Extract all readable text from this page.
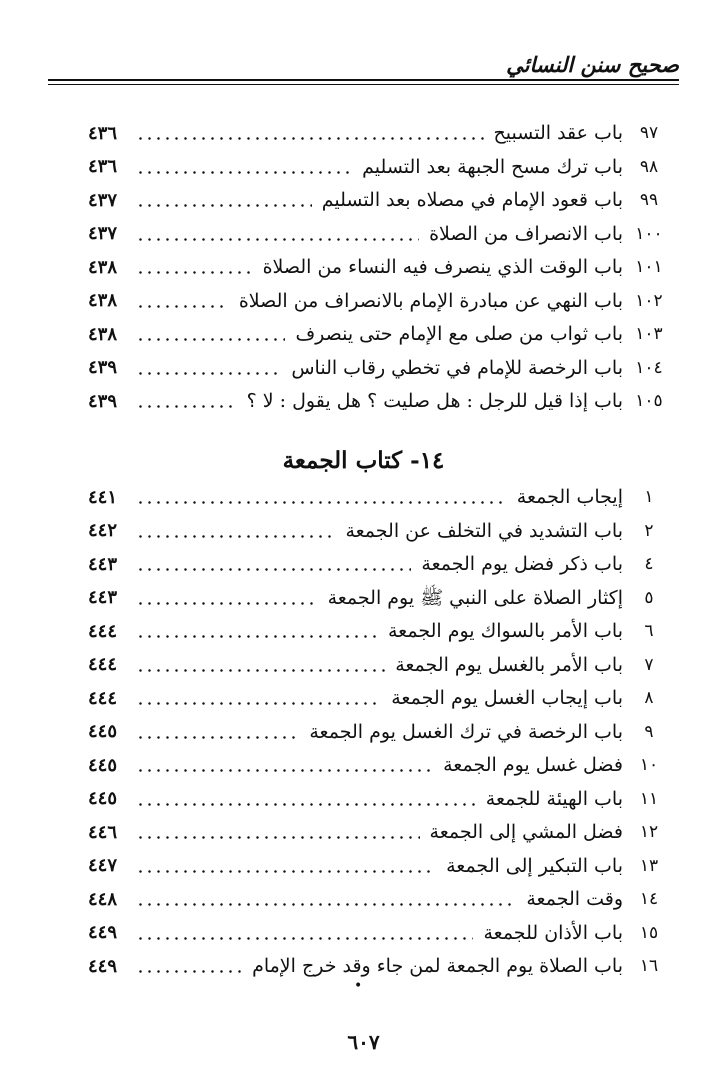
صحيح سنن النسائي
٩٧
باب عقد التسبيح
٤٣٦
٩٨
باب ترك مسح الجبهة بعد التسليم
٤٣٦
٩٩
باب قعود الإمام في مصلاه بعد التسليم
٤٣٧
١٠٠
باب الانصراف من الصلاة
٤٣٧
١٠١
باب الوقت الذي ينصرف فيه النساء من الصلاة
٤٣٨
١٠٢
باب النهي عن مبادرة الإمام بالانصراف من الصلاة
٤٣٨
١٠٣
باب ثواب من صلى مع الإمام حتى ينصرف
٤٣٨
١٠٤
باب الرخصة للإمام في تخطي رقاب الناس
٤٣٩
١٠٥
باب إذا قيل للرجل : هل صليت ؟ هل يقول : لا ؟
٤٣٩
١٤- كتاب الجمعة
١
إيجاب الجمعة
٤٤١
٢
باب التشديد في التخلف عن الجمعة
٤٤٢
٤
باب ذكر فضل يوم الجمعة
٤٤٣
٥
إكثار الصلاة على النبي ﷺ يوم الجمعة
٤٤٣
٦
باب الأمر بالسواك يوم الجمعة
٤٤٤
٧
باب الأمر بالغسل يوم الجمعة
٤٤٤
٨
باب إيجاب الغسل يوم الجمعة
٤٤٤
٩
باب الرخصة في ترك الغسل يوم الجمعة
٤٤٥
١٠
فضل غسل يوم الجمعة
٤٤٥
١١
باب الهيئة للجمعة
٤٤٥
١٢
فضل المشي إلى الجمعة
٤٤٦
١٣
باب التبكير إلى الجمعة
٤٤٧
١٤
وقت الجمعة
٤٤٨
١٥
باب الأذان للجمعة
٤٤٩
١٦
باب الصلاة يوم الجمعة لمن جاء وقد خرج الإمام
٤٤٩
•
٦٠٧
